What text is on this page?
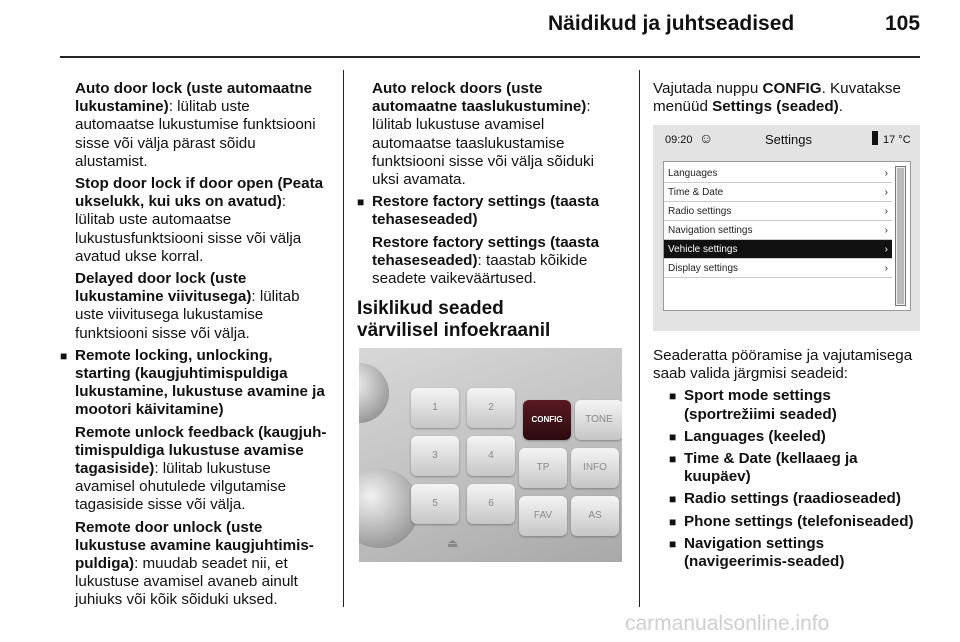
Näidikud ja juhtseadised	105

Auto door lock (uste automaatne lukustamine): lülitab uste automaatse lukustumise funktsiooni sisse või välja pärast sõidu alustamist.

Stop door lock if door open (Peata ukselukk, kui uks on avatud): lülitab uste automaatse lukustusfunktsiooni sisse või välja avatud ukse korral.

Delayed door lock (uste lukustamine viivitusega): lülitab uste viivitusega lukustamise funktsiooni sisse või välja.

■ Remote locking, unlocking, starting (kaugjuhtimispuldiga lukustamine, lukustuse avamine ja mootori käivitamine)

Remote unlock feedback (kaugjuh-timispuldiga lukustuse avamise tagasiside): lülitab lukustuse avamisel ohutulede vilgutamise tagasiside sisse või välja.

Remote door unlock (uste lukustuse avamine kaugjuhtimis-puldiga): muudab seadet nii, et lukustuse avamisel avaneb ainult juhiuks või kõik sõiduki uksed.

Auto relock doors (uste automaatne taaslukustumine): lülitab lukustuse avamisel automaatse taaslukustamise funktsiooni sisse või välja sõiduki uksi avamata.

■ Restore factory settings (taasta tehaseseaded)

Restore factory settings (taasta tehaseseaded): taastab kõikide seadete vaikeväärtused.

Isiklikud seaded
värvilisel infoekraanil
1	2
CONFIG	TONE
3	4
TP	INFO
5	6
FAV	AS
⏏

Vajutada nuppu CONFIG. Kuvatakse menüüd Settings (seaded).

09:20 ☺	Settings	17 °C
Languages	›
Time & Date	›
Radio settings	›
Navigation settings	›
Vehicle settings	›
Display settings	›

Seaderatta pööramise ja vajutamisega saab valida järgmisi seadeid:

■ Sport mode settings (sportrežiimi seaded)

■ Languages (keeled)

■ Time & Date (kellaaeg ja kuupäev)

■ Radio settings (raadioseaded)

■ Phone settings (telefoniseaded)

■ Navigation settings (navigeerimis-seaded)

carmanualsonline.info
